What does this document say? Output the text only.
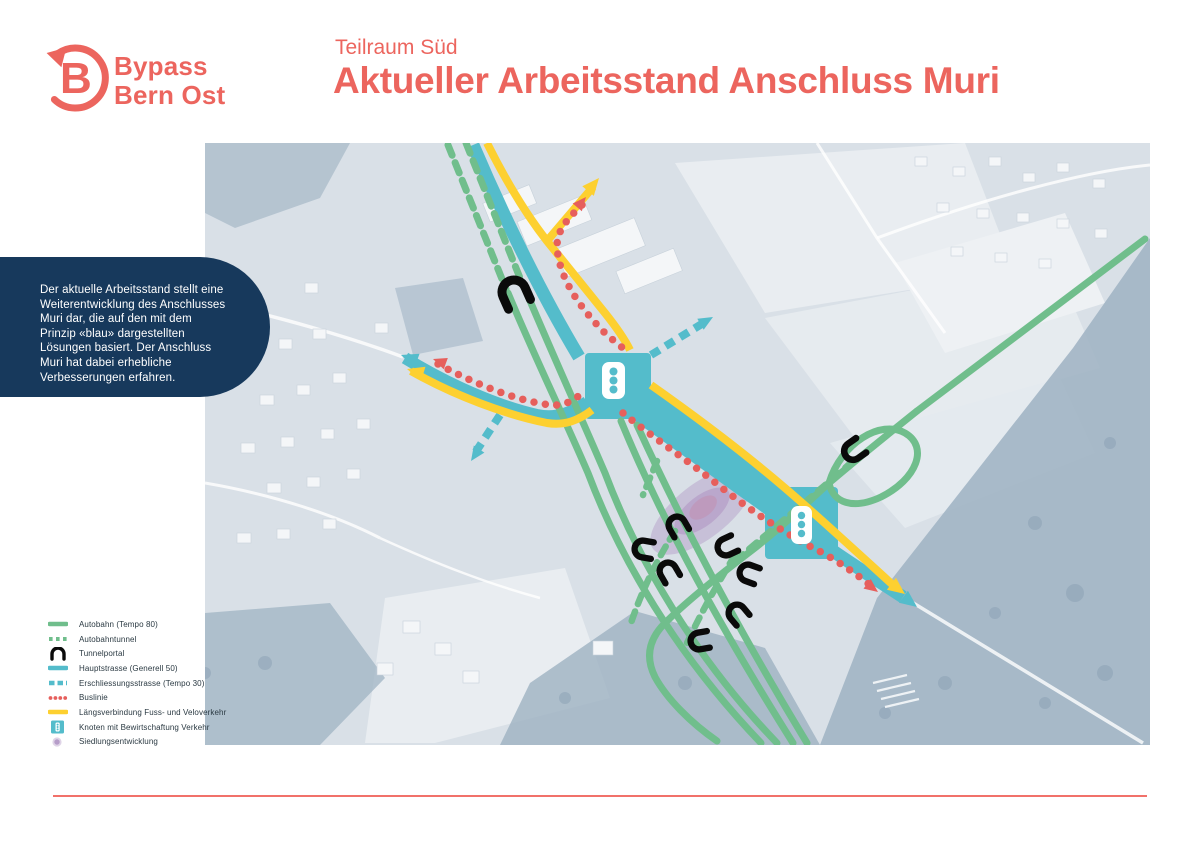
B Bypass
Bern Ost
Teilraum Süd
Aktueller Arbeitsstand Anschluss Muri

Der aktuelle Arbeitsstand stellt eine Weiterentwicklung des Anschlusses Muri dar, die auf den mit dem Prinzip «blau» dargestellten Lösungen basiert. Der Anschluss Muri hat dabei erhebliche Verbesserungen erfahren.

Autobahn (Tempo 80)
Autobahntunnel
Tunnelportal
Hauptstrasse (Generell 50)
Erschliessungsstrasse (Tempo 30)
Buslinie
Längsverbindung Fuss- und Veloverkehr
Knoten mit Bewirtschaftung Verkehr
Siedlungsentwicklung
